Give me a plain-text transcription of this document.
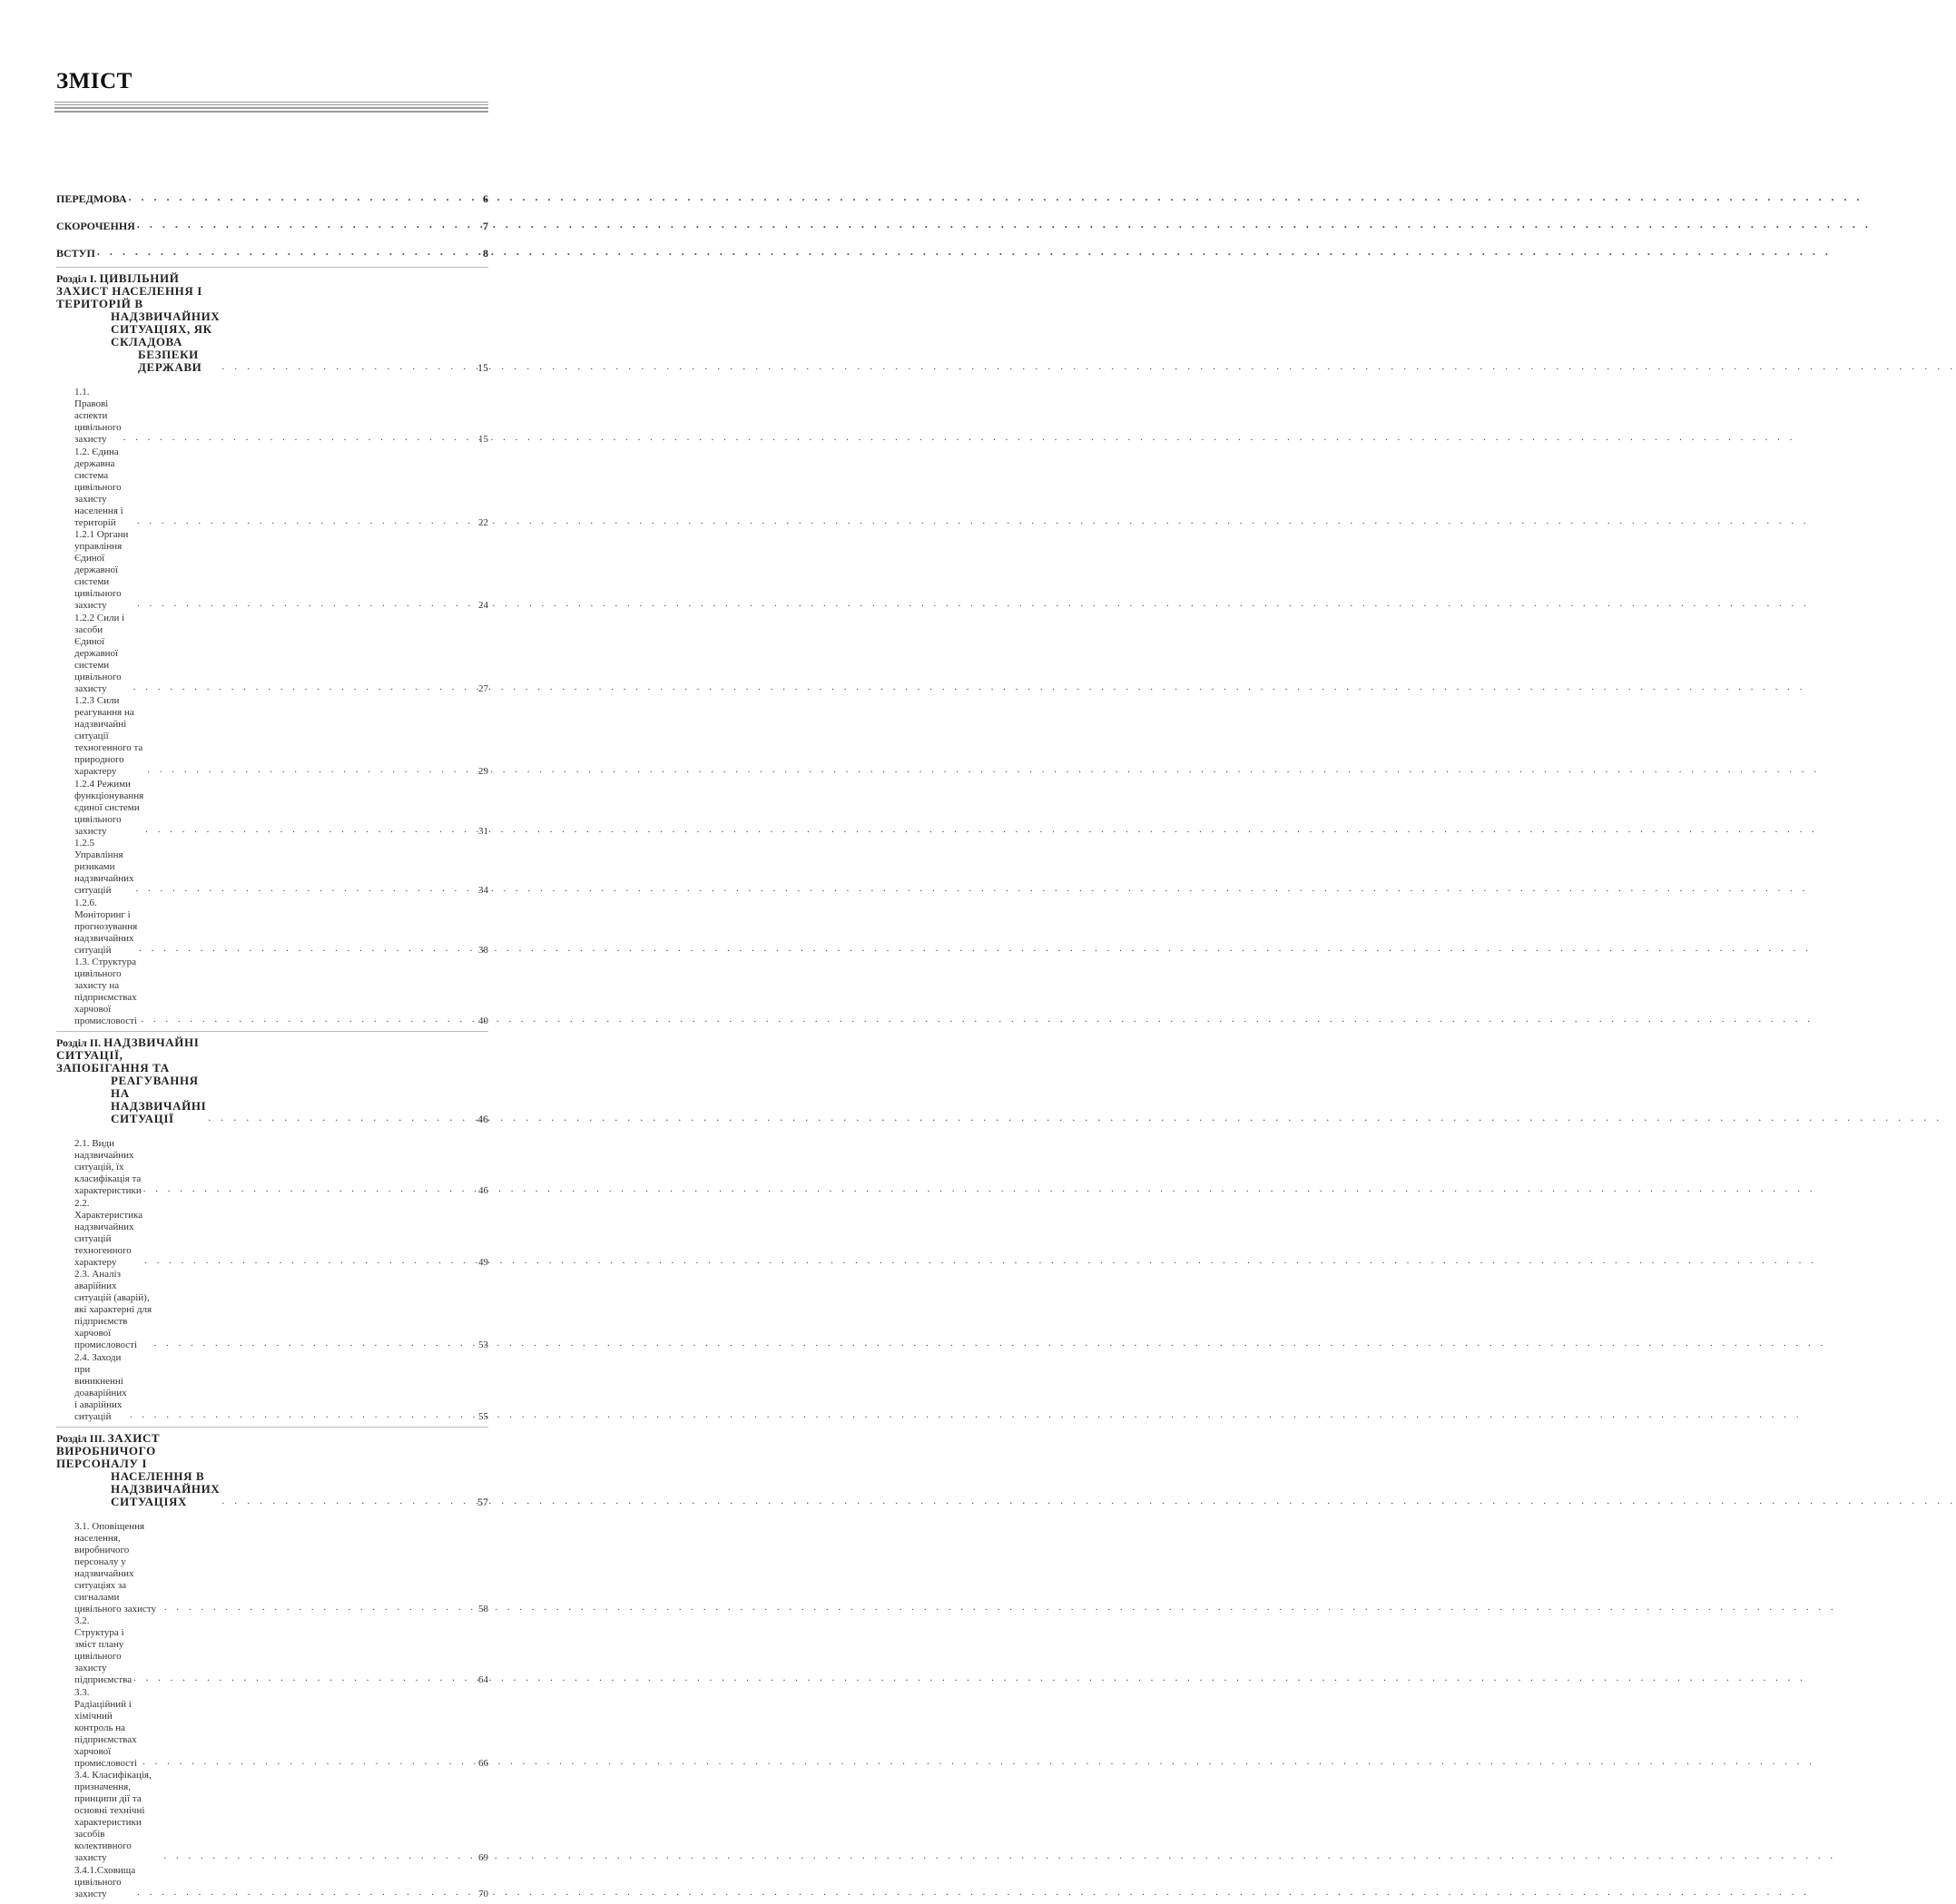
ЗМІСТ
ПЕРЕДМОВА . . .	6
СКОРОЧЕННЯ . . .	7
ВСТУП . . .	8
Розділ І. ЦИВІЛЬНИЙ ЗАХИСТ НАСЕЛЕННЯ І ТЕРИТОРІЙ В
НАДЗВИЧАЙНИХ СИТУАЦІЯХ, ЯК СКЛАДОВА
БЕЗПЕКИ ДЕРЖАВИ . . .	15
1.1. Правові аспекти цивільного захисту . . .	15
1.2. Єдина державна система цивільного захисту населення і територій . . .	22
1.2.1 Органи управління Єдиної державної системи цивільного захисту . . .	24
1.2.2 Сили і засоби Єдиної державної системи цивільного захисту . . .	27
1.2.3 Сили реагування на надзвичайні ситуації техногенного та природного характеру . . .	29
1.2.4 Режими функціонування єдиної системи цивільного захисту . . .	31
1.2.5 Управління ризиками надзвичайних ситуацій . . .	34
1.2.6. Моніторинг і прогнозування надзвичайних ситуацій . . .	38
1.3. Структура цивільного захисту на підприємствах харчової промисловості . . .	40
Розділ ІІ. НАДЗВИЧАЙНІ СИТУАЦІЇ, ЗАПОБІГАННЯ ТА
РЕАГУВАННЯ НА НАДЗВИЧАЙНІ СИТУАЦІЇ . . .	46
2.1. Види надзвичайних ситуацій, їх класифікація та характеристики . . .	46
2.2. Характеристика надзвичайних ситуацій техногенного характеру . . .	49
2.3. Аналіз аварійних ситуацій (аварій), які характерні для підприємств харчової промисловості . . .	53
2.4. Заходи при виникненні доаварійних і аварійних ситуацій . . .	55
Розділ ІІІ. ЗАХИСТ ВИРОБНИЧОГО ПЕРСОНАЛУ І
НАСЕЛЕННЯ В НАДЗВИЧАЙНИХ СИТУАЦІЯХ . . .	57
3.1. Оповіщення населення, виробничого персоналу у надзвичайних ситуаціях за сигналами цивільного захисту . . .	58
3.2. Структура і зміст плану цивільного захисту підприємства . . .	64
3.3. Радіаційний і хімічний контроль на підприємствах харчової промисловості . . .	66
3.4. Класифікація, призначення, принципи дії та основні технічні характеристики засобів колективного захисту . . .	69
3.4.1.Сховища цивільного захисту . . .	70
